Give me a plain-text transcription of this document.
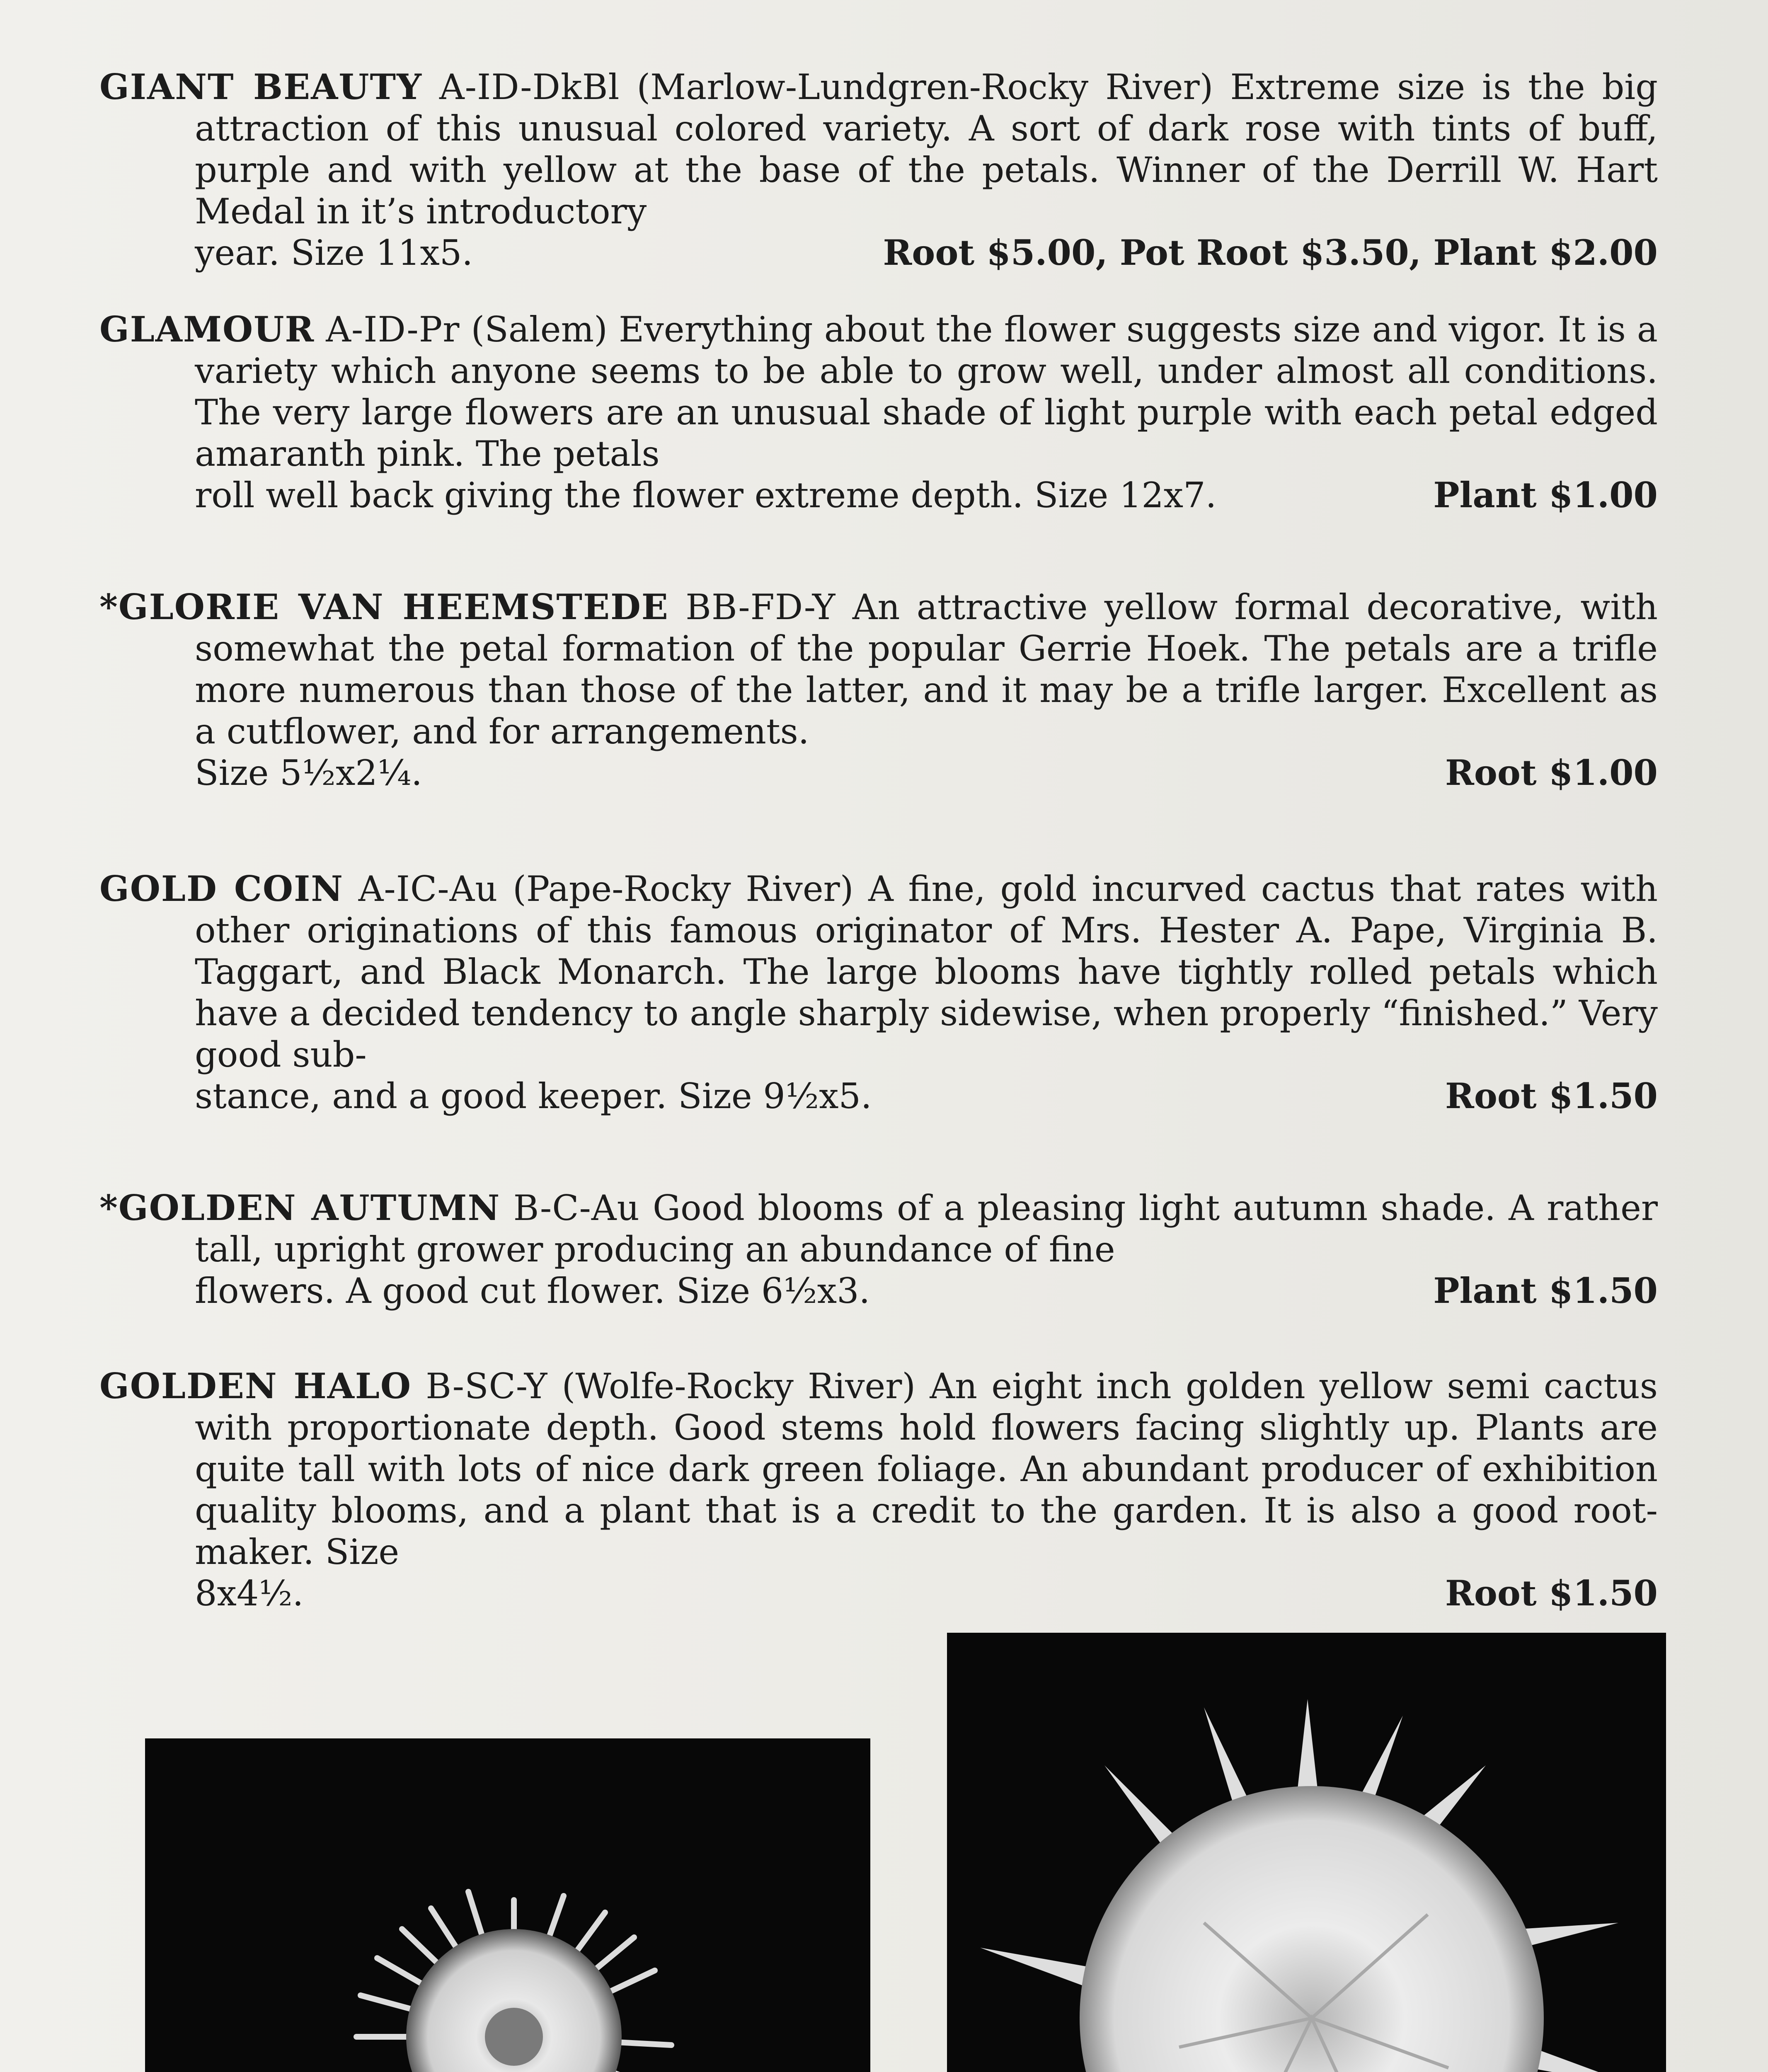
GIANT BEAUTY A-ID-DkBl (Marlow-Lundgren-Rocky River) Extreme size is the big attraction of this unusual colored variety. A sort of dark rose with tints of buff, purple and with yellow at the base of the petals. Winner of the Derrill W. Hart Medal in it’s introductory
year. Size 11x5.	Root $5.00, Pot Root $3.50, Plant $2.00
GLAMOUR A-ID-Pr (Salem) Everything about the flower suggests size and vigor. It is a variety which anyone seems to be able to grow well, under almost all conditions. The very large flowers are an unusual shade of light purple with each petal edged amaranth pink. The petals
roll well back giving the flower extreme depth. Size 12x7.	Plant $1.00
*GLORIE VAN HEEMSTEDE BB-FD-Y An attractive yellow formal decorative, with somewhat the petal formation of the popular Gerrie Hoek. The petals are a trifle more numerous than those of the latter, and it may be a trifle larger. Excellent as a cutflower, and for arrangements.
Size 5½x2¼.	Root $1.00
GOLD COIN A-IC-Au (Pape-Rocky River) A fine, gold incurved cactus that rates with other originations of this famous originator of Mrs. Hester A. Pape, Virginia B. Taggart, and Black Monarch. The large blooms have tightly rolled petals which have a decided tendency to angle sharply sidewise, when properly “finished.” Very good sub-
stance, and a good keeper. Size 9½x5.	Root $1.50
*GOLDEN AUTUMN B-C-Au Good blooms of a pleasing light autumn shade. A rather tall, upright grower producing an abundance of fine
flowers. A good cut flower. Size 6½x3.	Plant $1.50
GOLDEN HALO B-SC-Y (Wolfe-Rocky River) An eight inch golden yellow semi cactus with proportionate depth. Good stems hold flowers facing slightly up. Plants are quite tall with lots of nice dark green foliage. An abundant producer of exhibition quality blooms, and a plant that is a credit to the garden. It is also a good root-maker. Size
8x4½.	Root $1.50
